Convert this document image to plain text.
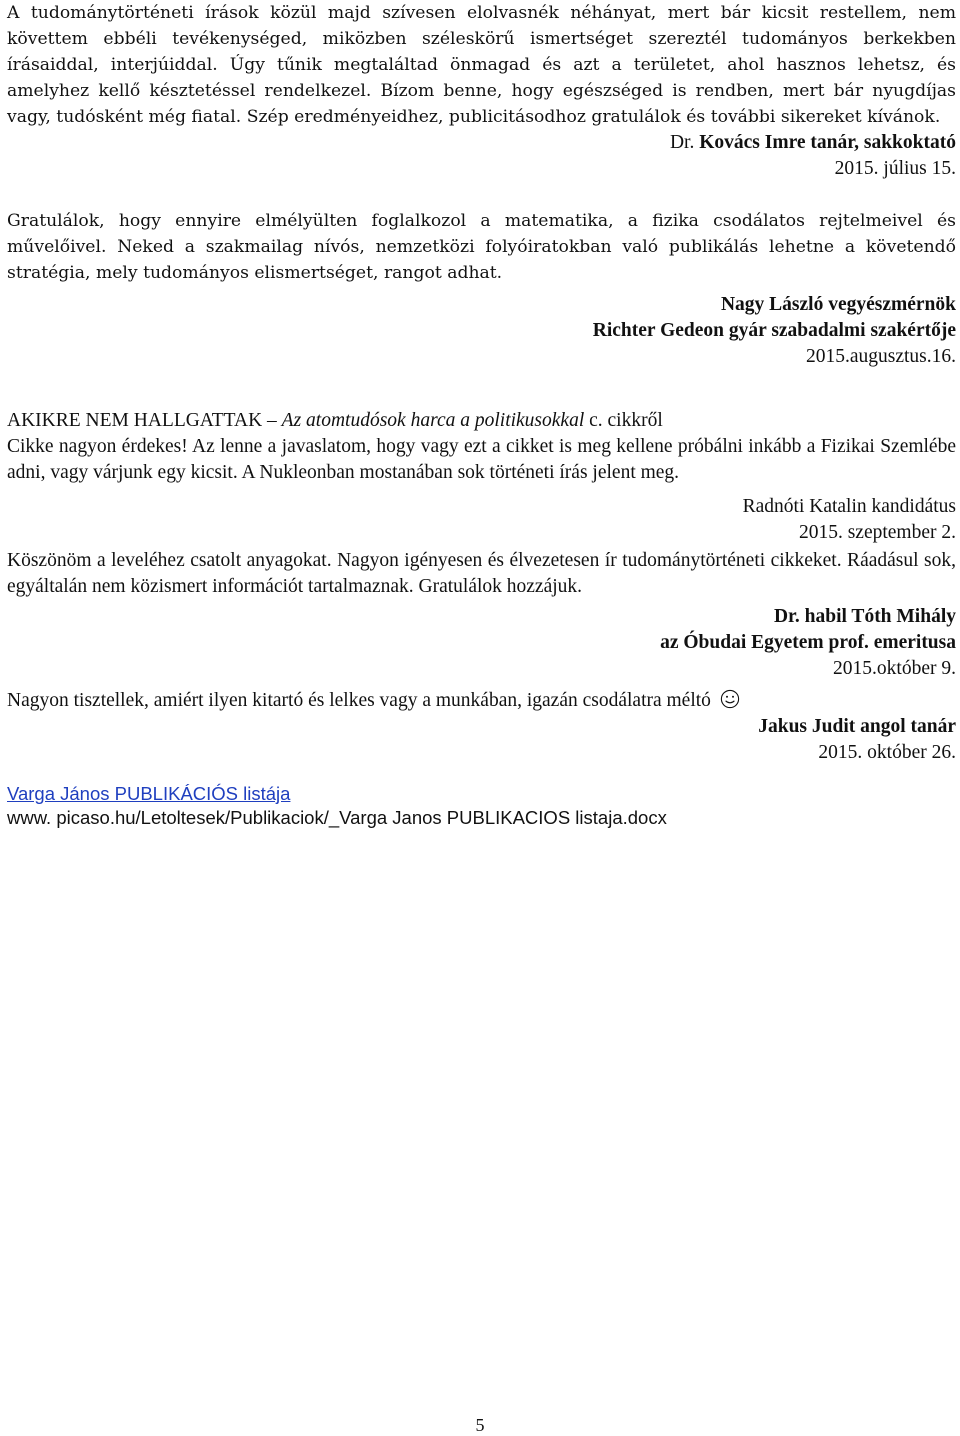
A tudománytörténeti írások közül majd szívesen elolvasnék néhányat, mert bár kicsit restellem, nem követtem ebbéli tevékenységed, miközben széleskörű ismertséget szereztél tudományos berkekben írásaiddal, interjúiddal. Úgy tűnik megtaláltad önmagad és azt a területet, ahol hasznos lehetsz, és amelyhez kellő késztetéssel rendelkezel. Bízom benne, hogy egészséged is rendben, mert bár nyugdíjas vagy, tudósként még fiatal. Szép eredményeidhez, publicitásodhoz gratulálok és további sikereket kívánok.

Dr. Kovács Imre tanár, sakkoktató

2015. július 15.

Gratulálok, hogy ennyire elmélyülten foglalkozol a matematika, a fizika csodálatos rejtelmeivel és művelőivel. Neked a szakmailag nívós, nemzetközi folyóiratokban való publikálás lehetne a követendő stratégia, mely tudományos elismertséget, rangot adhat.

Nagy László vegyészmérnök

Richter Gedeon gyár szabadalmi szakértője

2015.augusztus.16.

AKIKRE NEM HALLGATTAK – Az atomtudósok harca a politikusokkal c. cikkről

Cikke nagyon érdekes! Az lenne a javaslatom, hogy vagy ezt a cikket is meg kellene próbálni inkább a Fizikai Szemlébe adni, vagy várjunk egy kicsit. A Nukleonban mostanában sok történeti írás jelent meg.

Radnóti Katalin kandidátus

2015. szeptember 2.

Köszönöm a leveléhez csatolt anyagokat. Nagyon igényesen és élvezetesen ír tudománytörténeti cikkeket. Ráadásul sok, egyáltalán nem közismert információt tartalmaznak. Gratulálok hozzájuk.

Dr. habil Tóth Mihály

az Óbudai Egyetem prof. emeritusa

2015.október 9.

Nagyon tisztellek, amiért ilyen kitartó és lelkes vagy a munkában, igazán csodálatra méltó

Jakus Judit angol tanár

2015. október 26.

Varga János PUBLIKÁCIÓS listája
www. picaso.hu/Letoltesek/Publikaciok/_Varga Janos PUBLIKACIOS listaja.docx
5
